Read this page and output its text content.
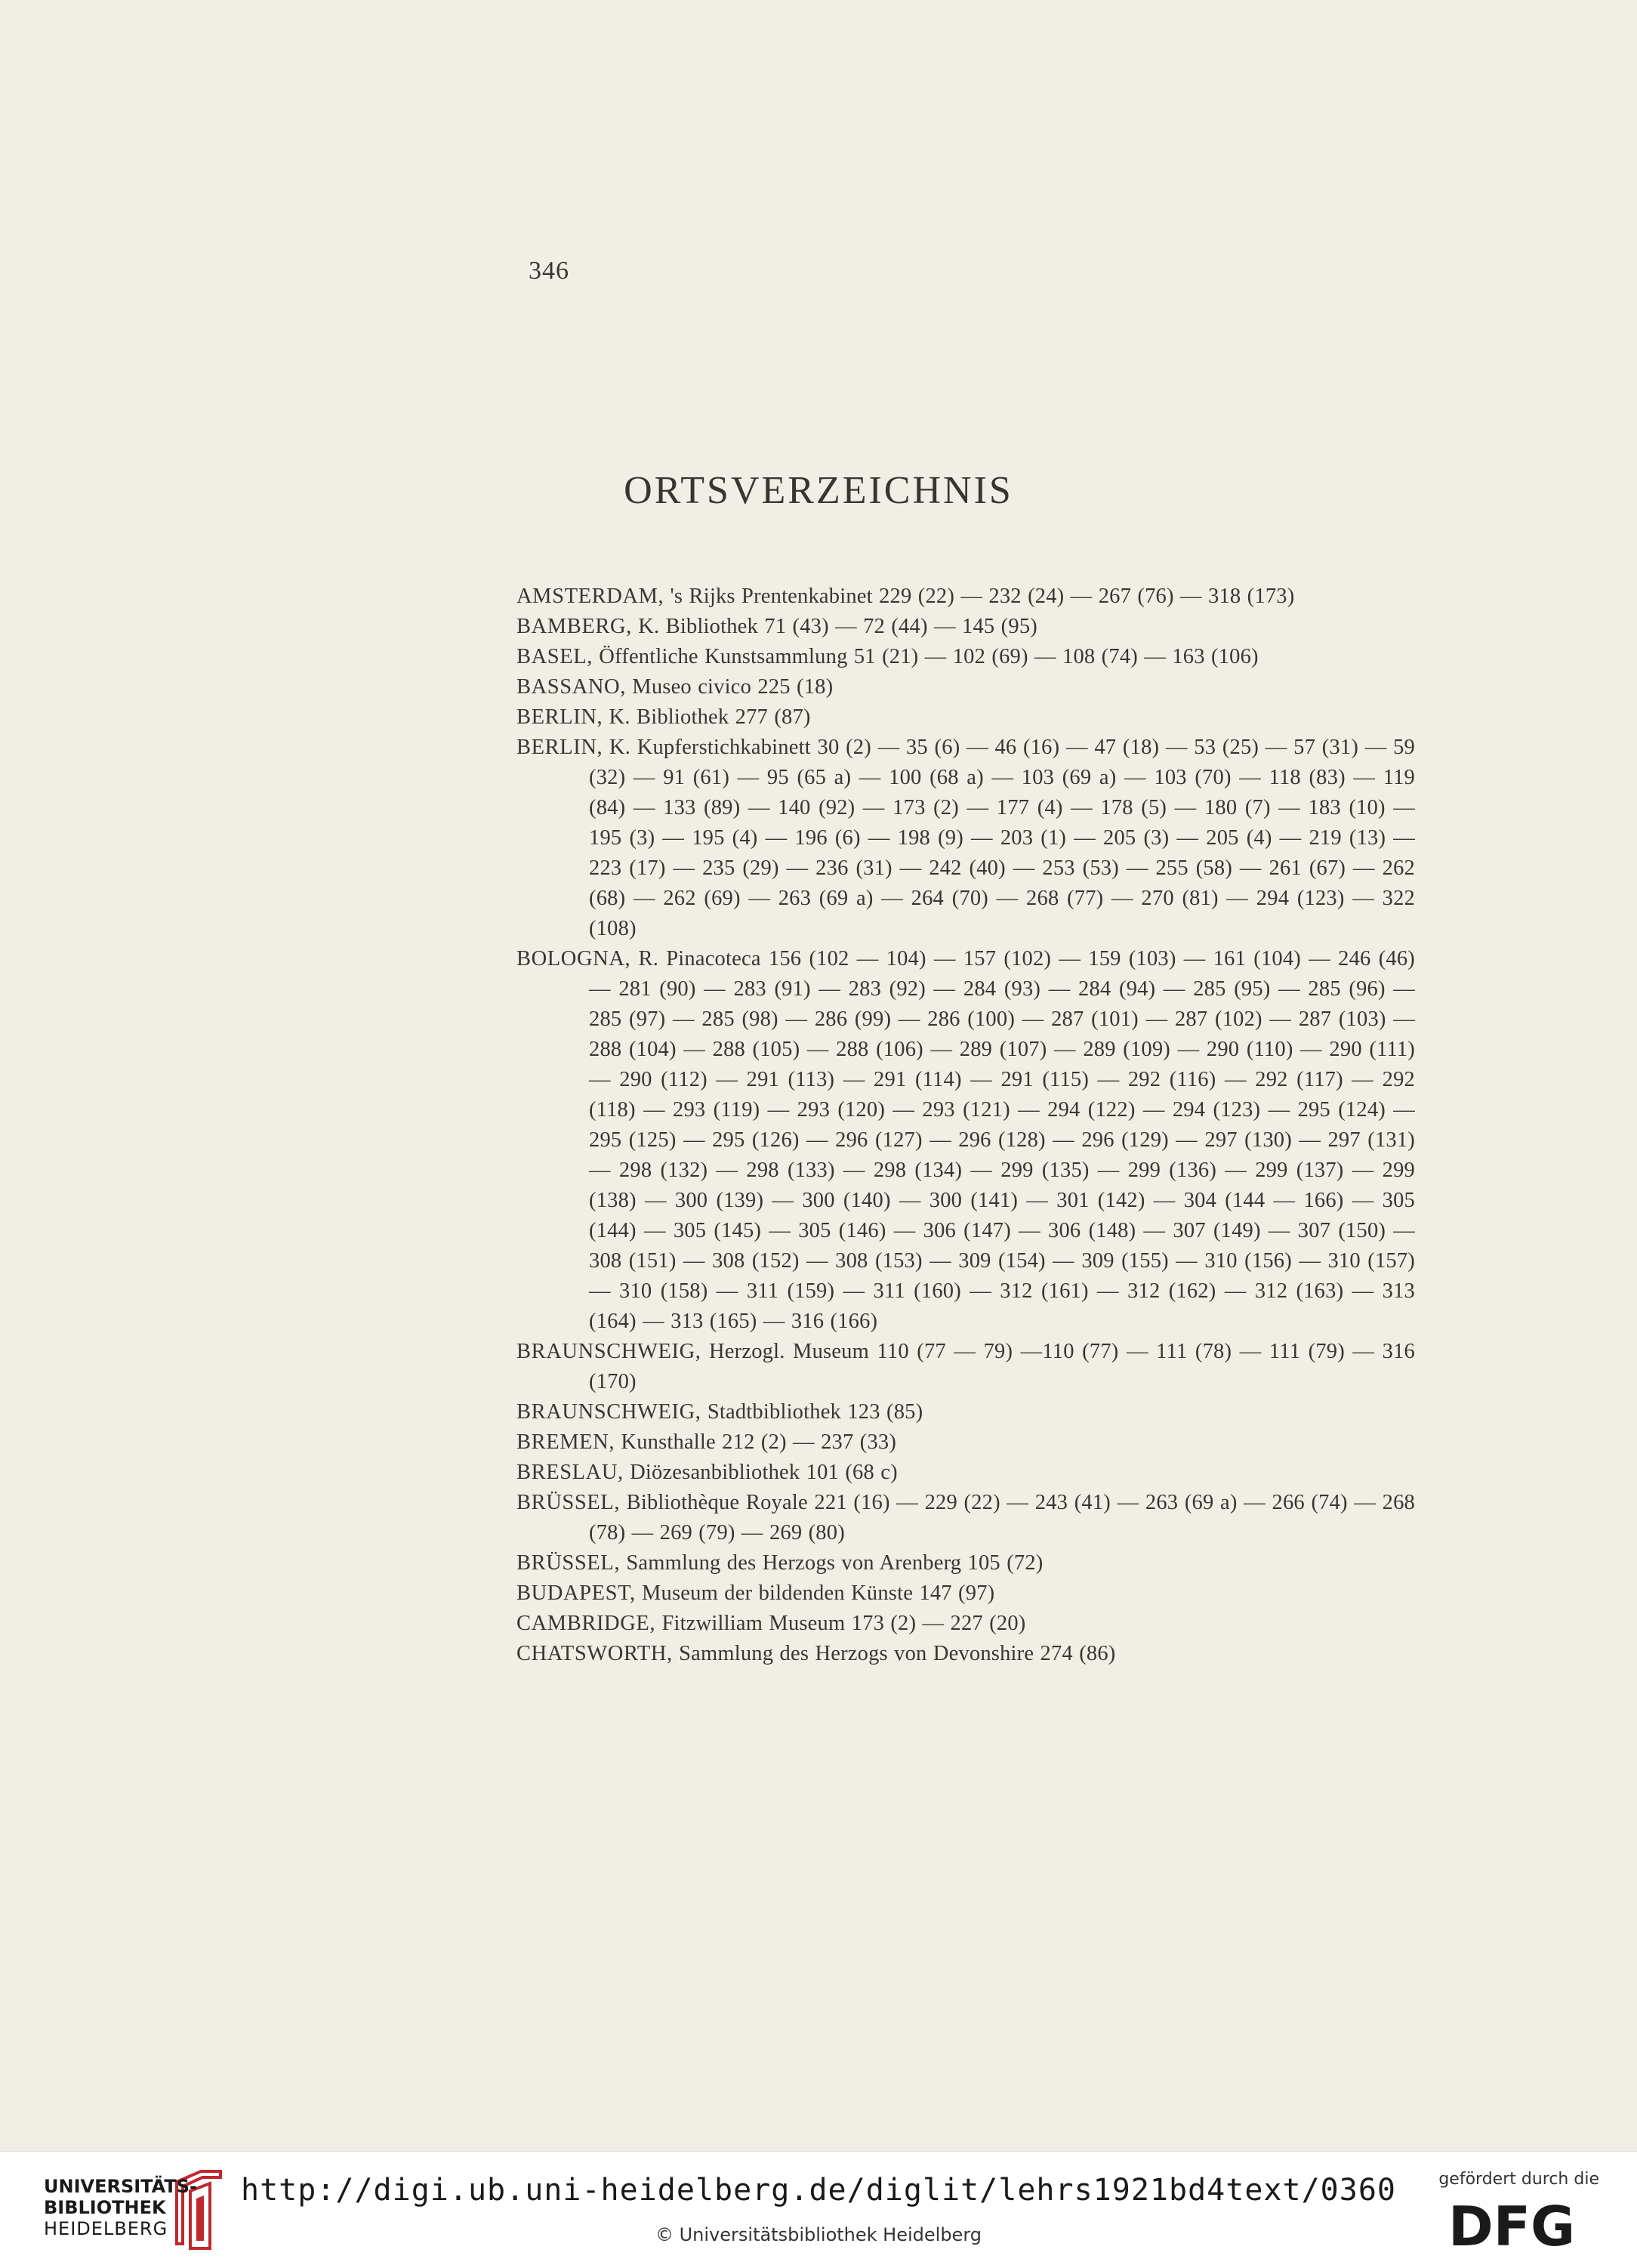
346
ORTSVERZEICHNIS
AMSTERDAM, 's Rijks Prentenkabinet 229 (22) — 232 (24) — 267 (76) — 318 (173)
BAMBERG, K. Bibliothek 71 (43) — 72 (44) — 145 (95)
BASEL, Öffentliche Kunstsammlung 51 (21) — 102 (69) — 108 (74) — 163 (106)
BASSANO, Museo civico 225 (18)
BERLIN, K. Bibliothek 277 (87)
BERLIN, K. Kupferstichkabinett 30 (2) — 35 (6) — 46 (16) — 47 (18) — 53 (25) — 57 (31) — 59 (32) — 91 (61) — 95 (65 a) — 100 (68 a) — 103 (69 a) — 103 (70) — 118 (83) — 119 (84) — 133 (89) — 140 (92) — 173 (2) — 177 (4) — 178 (5) — 180 (7) — 183 (10) — 195 (3) — 195 (4) — 196 (6) — 198 (9) — 203 (1) — 205 (3) — 205 (4) — 219 (13) — 223 (17) — 235 (29) — 236 (31) — 242 (40) — 253 (53) — 255 (58) — 261 (67) — 262 (68) — 262 (69) — 263 (69 a) — 264 (70) — 268 (77) — 270 (81) — 294 (123) — 322 (108)
BOLOGNA, R. Pinacoteca 156 (102 — 104) — 157 (102) — 159 (103) — 161 (104) — 246 (46) — 281 (90) — 283 (91) — 283 (92) — 284 (93) — 284 (94) — 285 (95) — 285 (96) — 285 (97) — 285 (98) — 286 (99) — 286 (100) — 287 (101) — 287 (102) — 287 (103) — 288 (104) — 288 (105) — 288 (106) — 289 (107) — 289 (109) — 290 (110) — 290 (111) — 290 (112) — 291 (113) — 291 (114) — 291 (115) — 292 (116) — 292 (117) — 292 (118) — 293 (119) — 293 (120) — 293 (121) — 294 (122) — 294 (123) — 295 (124) — 295 (125) — 295 (126) — 296 (127) — 296 (128) — 296 (129) — 297 (130) — 297 (131) — 298 (132) — 298 (133) — 298 (134) — 299 (135) — 299 (136) — 299 (137) — 299 (138) — 300 (139) — 300 (140) — 300 (141) — 301 (142) — 304 (144 — 166) — 305 (144) — 305 (145) — 305 (146) — 306 (147) — 306 (148) — 307 (149) — 307 (150) — 308 (151) — 308 (152) — 308 (153) — 309 (154) — 309 (155) — 310 (156) — 310 (157) — 310 (158) — 311 (159) — 311 (160) — 312 (161) — 312 (162) — 312 (163) — 313 (164) — 313 (165) — 316 (166)
BRAUNSCHWEIG, Herzogl. Museum 110 (77 — 79) —110 (77) — 111 (78) — 111 (79) — 316 (170)
BRAUNSCHWEIG, Stadtbibliothek 123 (85)
BREMEN, Kunsthalle 212 (2) — 237 (33)
BRESLAU, Diözesanbibliothek 101 (68 c)
BRÜSSEL, Bibliothèque Royale 221 (16) — 229 (22) — 243 (41) — 263 (69 a) — 266 (74) — 268 (78) — 269 (79) — 269 (80)
BRÜSSEL, Sammlung des Herzogs von Arenberg 105 (72)
BUDAPEST, Museum der bildenden Künste 147 (97)
CAMBRIDGE, Fitzwilliam Museum 173 (2) — 227 (20)
CHATSWORTH, Sammlung des Herzogs von Devonshire 274 (86)
UNIVERSITÄTS-
BIBLIOTHEK
HEIDELBERG
http://digi.ub.uni-heidelberg.de/diglit/lehrs1921bd4text/0360
© Universitätsbibliothek Heidelberg
gefördert durch die
DFG
